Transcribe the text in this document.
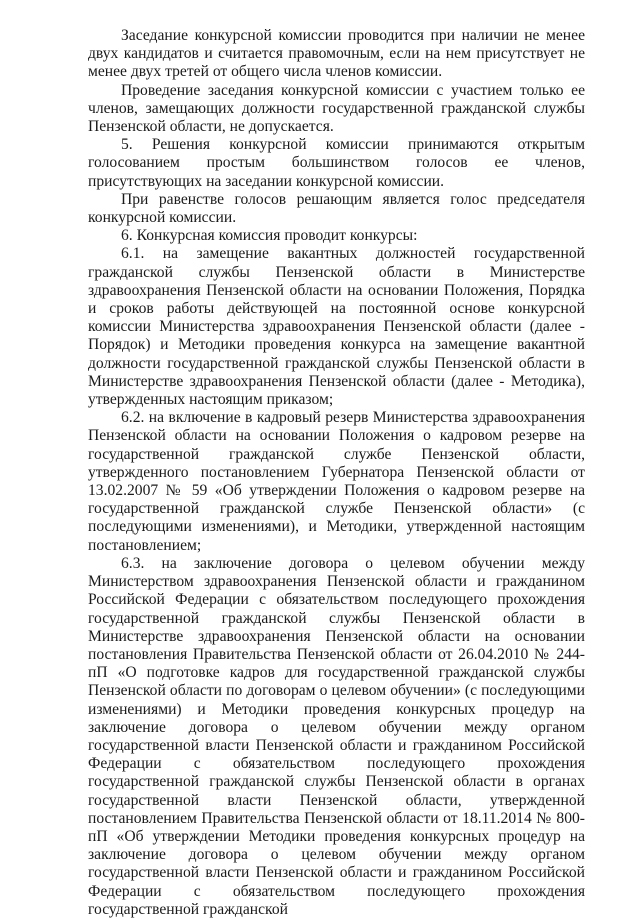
Заседание конкурсной комиссии проводится при наличии не менее двух кандидатов и считается правомочным, если на нем присутствует не менее двух третей от общего числа членов комиссии.

Проведение заседания конкурсной комиссии с участием только ее членов, замещающих должности государственной гражданской службы Пензенской области, не допускается.

5. Решения конкурсной комиссии принимаются открытым голосованием простым большинством голосов ее членов, присутствующих на заседании конкурсной комиссии.

При равенстве голосов решающим является голос председателя конкурсной комиссии.

6. Конкурсная комиссия проводит конкурсы:

6.1. на замещение вакантных должностей государственной гражданской службы Пензенской области в Министерстве здравоохранения Пензенской области на основании Положения, Порядка и сроков работы действующей на постоянной основе конкурсной комиссии Министерства здравоохранения Пензенской области (далее - Порядок) и Методики проведения конкурса на замещение вакантной должности государственной гражданской службы Пензенской области в Министерстве здравоохранения Пензенской области (далее - Методика), утвержденных настоящим приказом;

6.2. на включение в кадровый резерв Министерства здравоохранения Пензенской области на основании Положения о кадровом резерве на государственной гражданской службе Пензенской области, утвержденного постановлением Губернатора Пензенской области от 13.02.2007 № 59 «Об утверждении Положения о кадровом резерве на государственной гражданской службе Пензенской области» (с последующими изменениями), и Методики, утвержденной настоящим постановлением;

6.3. на заключение договора о целевом обучении между Министерством здравоохранения Пензенской области и гражданином Российской Федерации с обязательством последующего прохождения государственной гражданской службы Пензенской области в Министерстве здравоохранения Пензенской области на основании постановления Правительства Пензенской области от 26.04.2010 № 244-пП «О подготовке кадров для государственной гражданской службы Пензенской области по договорам о целевом обучении» (с последующими изменениями) и Методики проведения конкурсных процедур на заключение договора о целевом обучении между органом государственной власти Пензенской области и гражданином Российской Федерации с обязательством последующего прохождения государственной гражданской службы Пензенской области в органах государственной власти Пензенской области, утвержденной постановлением Правительства Пензенской области от 18.11.2014 № 800-пП «Об утверждении Методики проведения конкурсных процедур на заключение договора о целевом обучении между органом государственной власти Пензенской области и гражданином Российской Федерации с обязательством последующего прохождения государственной гражданской
